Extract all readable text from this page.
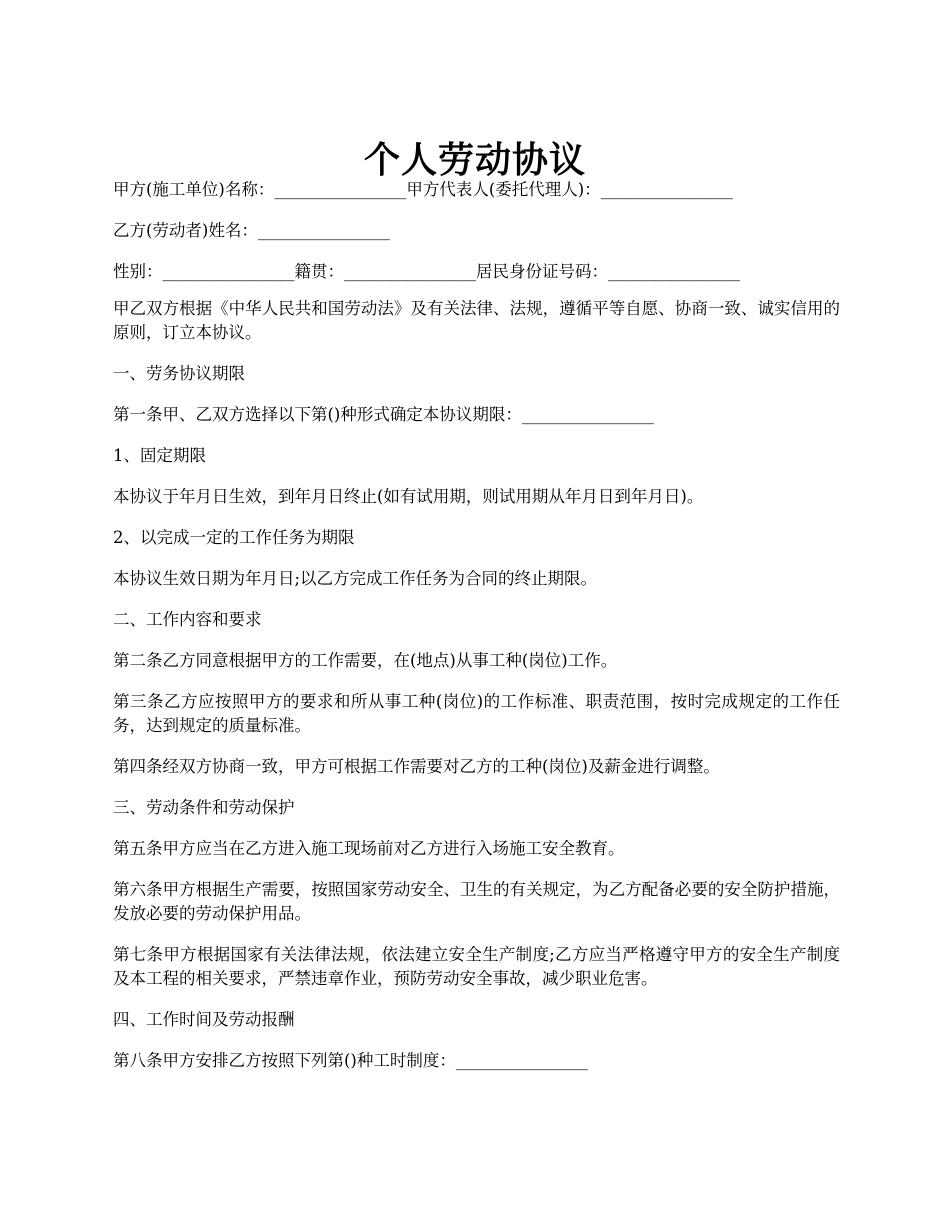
个人劳动协议

甲方(施工单位)名称：________________甲方代表人(委托代理人)：________________

乙方(劳动者)姓名：________________

性别：________________籍贯：________________居民身份证号码：________________

甲乙双方根据《中华人民共和国劳动法》及有关法律、法规，遵循平等自愿、协商一致、诚实信用的原则，订立本协议。

一、劳务协议期限

第一条甲、乙双方选择以下第()种形式确定本协议期限：________________

1、固定期限

本协议于年月日生效，到年月日终止(如有试用期，则试用期从年月日到年月日)。

2、以完成一定的工作任务为期限

本协议生效日期为年月日;以乙方完成工作任务为合同的终止期限。

二、工作内容和要求

第二条乙方同意根据甲方的工作需要，在(地点)从事工种(岗位)工作。

第三条乙方应按照甲方的要求和所从事工种(岗位)的工作标准、职责范围，按时完成规定的工作任务，达到规定的质量标准。

第四条经双方协商一致，甲方可根据工作需要对乙方的工种(岗位)及薪金进行调整。

三、劳动条件和劳动保护

第五条甲方应当在乙方进入施工现场前对乙方进行入场施工安全教育。

第六条甲方根据生产需要，按照国家劳动安全、卫生的有关规定，为乙方配备必要的安全防护措施，发放必要的劳动保护用品。

第七条甲方根据国家有关法律法规，依法建立安全生产制度;乙方应当严格遵守甲方的安全生产制度及本工程的相关要求，严禁违章作业，预防劳动安全事故，减少职业危害。

四、工作时间及劳动报酬

第八条甲方安排乙方按照下列第()种工时制度：________________
